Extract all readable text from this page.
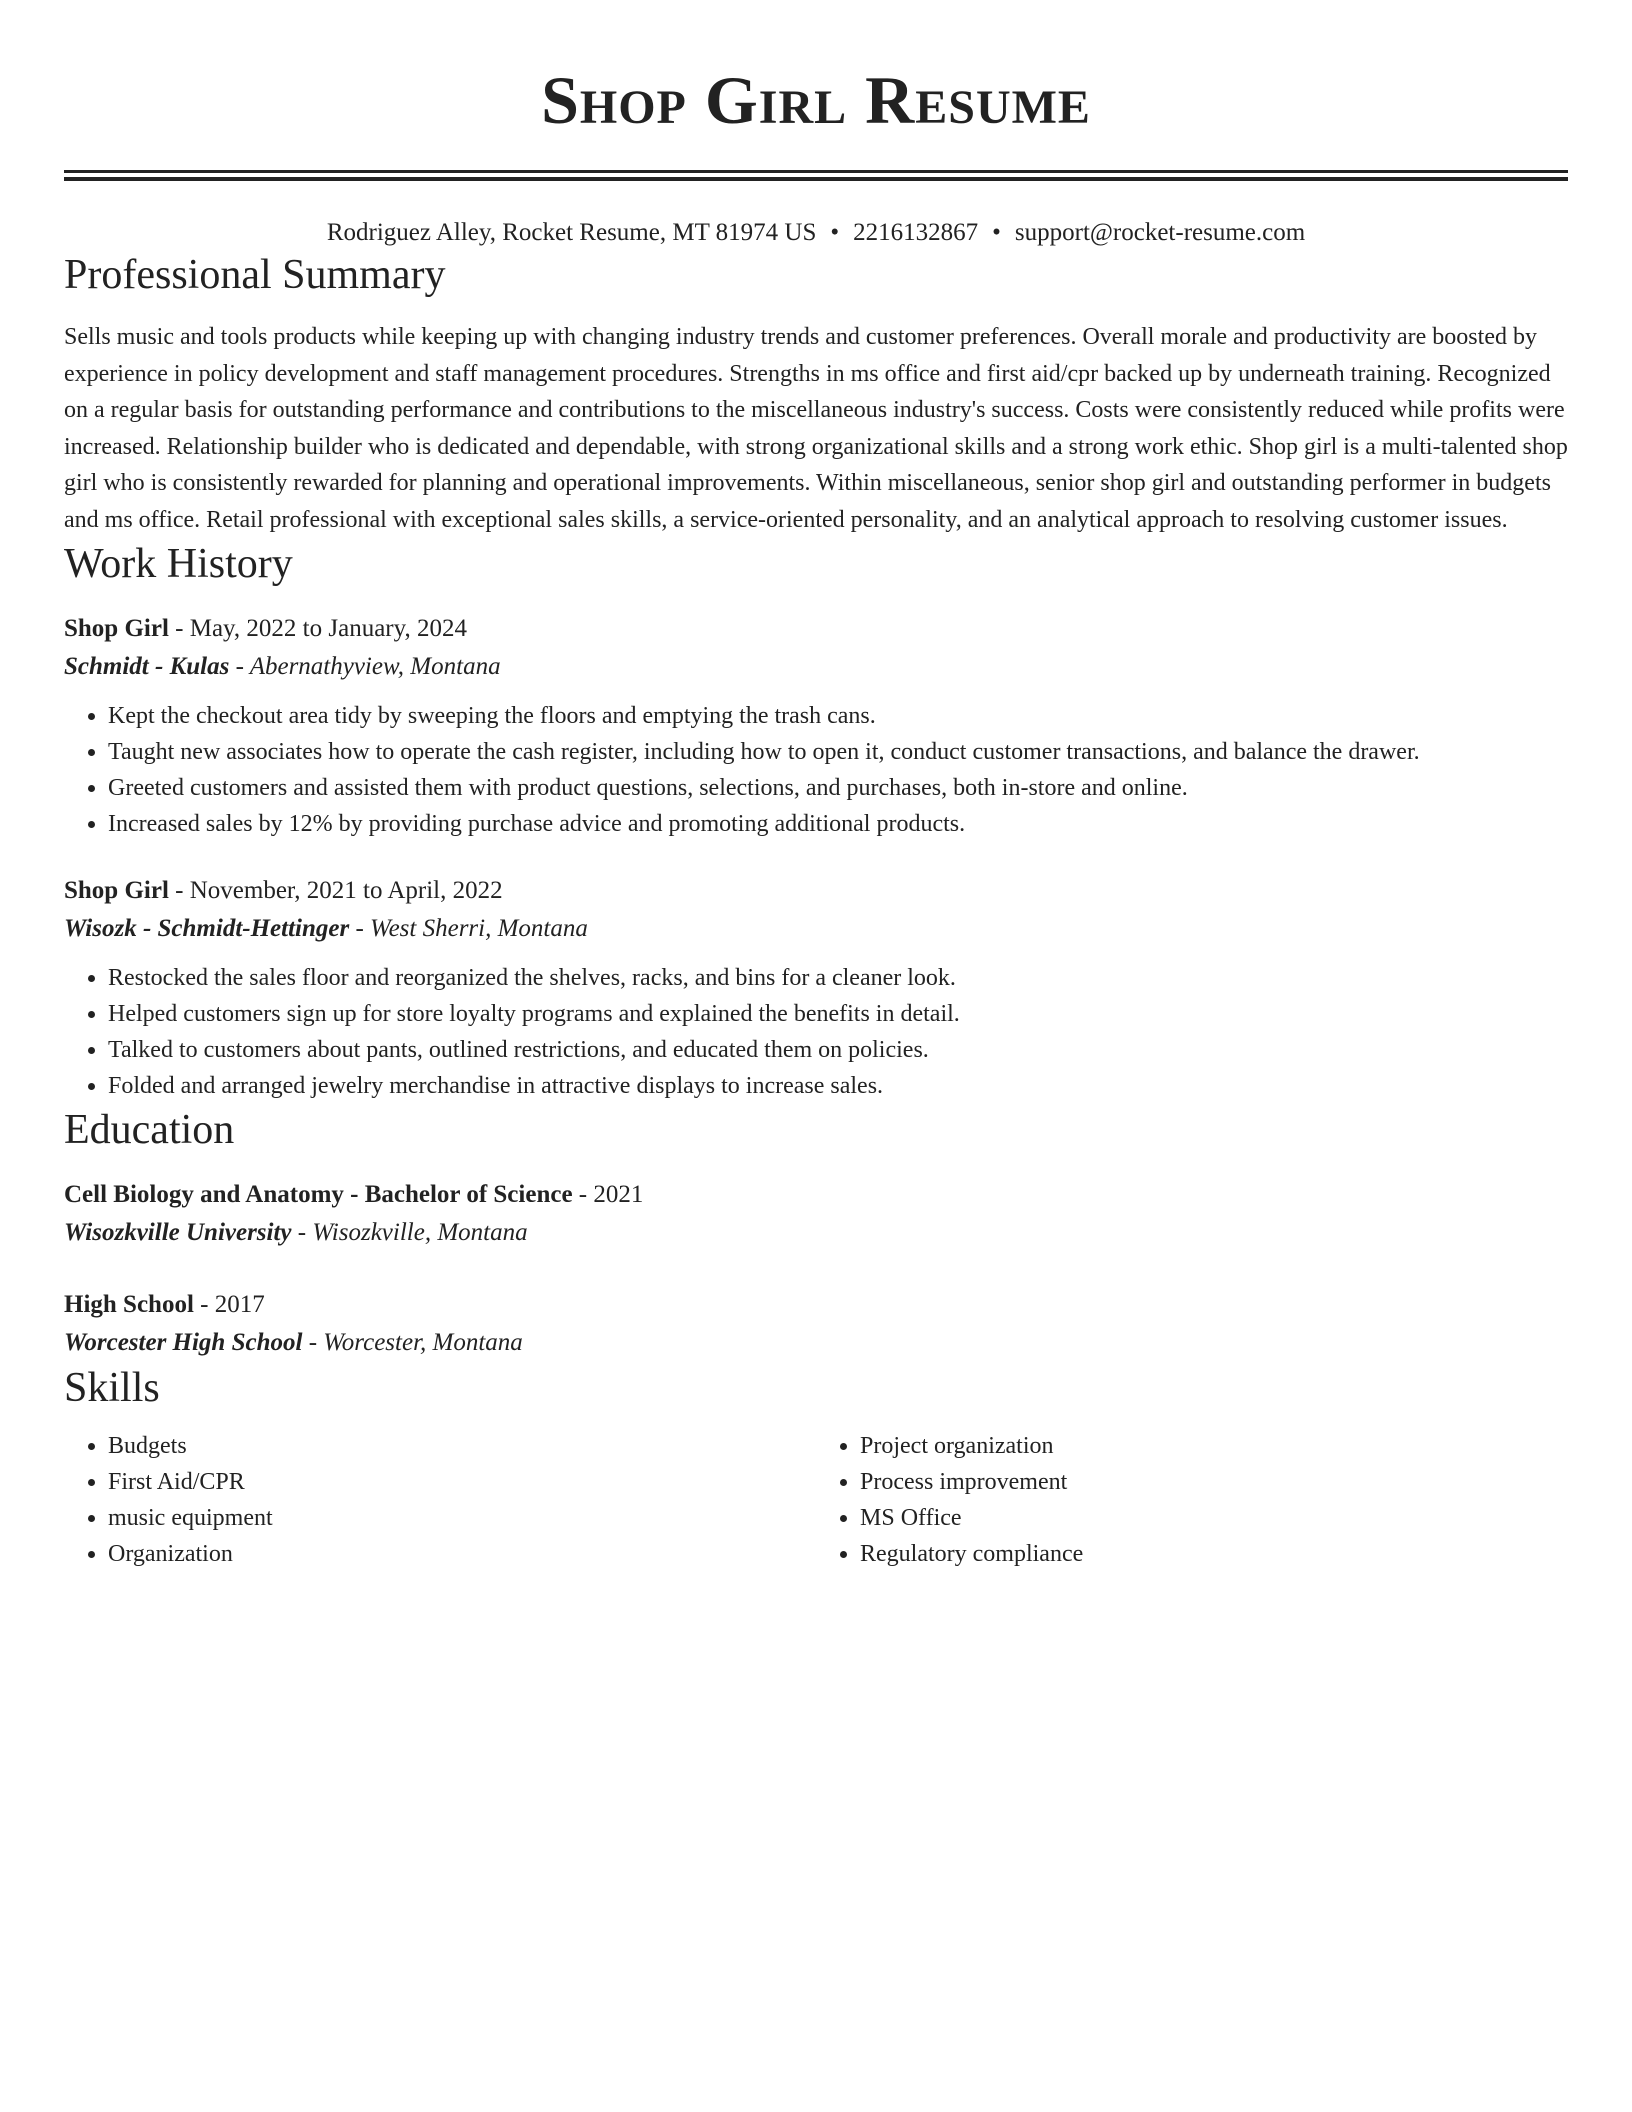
Shop Girl Resume
Rodriguez Alley, Rocket Resume, MT 81974 US • 2216132867 • support@rocket-resume.com
Professional Summary

Sells music and tools products while keeping up with changing industry trends and customer preferences. Overall morale and productivity are boosted by experience in policy development and staff management procedures. Strengths in ms office and first aid/cpr backed up by underneath training. Recognized on a regular basis for outstanding performance and contributions to the miscellaneous industry's success. Costs were consistently reduced while profits were increased. Relationship builder who is dedicated and dependable, with strong organizational skills and a strong work ethic. Shop girl is a multi-talented shop girl who is consistently rewarded for planning and operational improvements. Within miscellaneous, senior shop girl and outstanding performer in budgets and ms office. Retail professional with exceptional sales skills, a service-oriented personality, and an analytical approach to resolving customer issues.

Work History
Shop Girl - May, 2022 to January, 2024
Schmidt - Kulas - Abernathyview, Montana
• Kept the checkout area tidy by sweeping the floors and emptying the trash cans.
• Taught new associates how to operate the cash register, including how to open it, conduct customer transactions, and balance the drawer.
• Greeted customers and assisted them with product questions, selections, and purchases, both in-store and online.
• Increased sales by 12% by providing purchase advice and promoting additional products.
Shop Girl - November, 2021 to April, 2022
Wisozk - Schmidt-Hettinger - West Sherri, Montana
• Restocked the sales floor and reorganized the shelves, racks, and bins for a cleaner look.
• Helped customers sign up for store loyalty programs and explained the benefits in detail.
• Talked to customers about pants, outlined restrictions, and educated them on policies.
• Folded and arranged jewelry merchandise in attractive displays to increase sales.
Education
Cell Biology and Anatomy - Bachelor of Science - 2021
Wisozkville University - Wisozkville, Montana
High School - 2017
Worcester High School - Worcester, Montana
Skills
• Budgets
• First Aid/CPR
• music equipment
• Organization
• Project organization
• Process improvement
• MS Office
• Regulatory compliance
